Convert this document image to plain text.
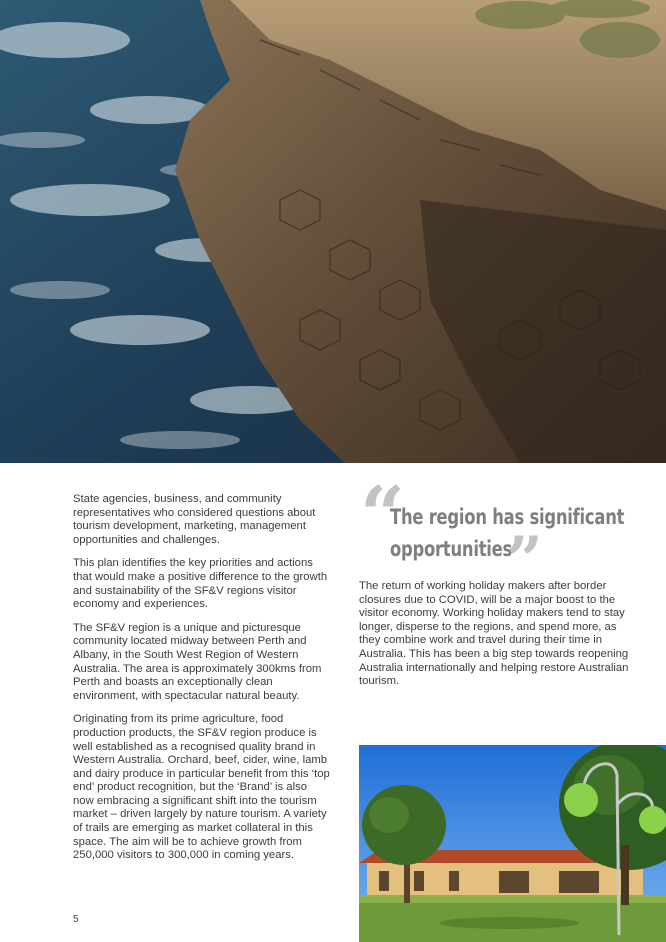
State agencies, business, and community representatives who considered questions about tourism development, marketing, management opportunities and challenges.

This plan identifies the key priorities and actions that would make a positive difference to the growth and sustainability of the SF&V regions visitor economy and experiences.

The SF&V region is a unique and picturesque community located midway between Perth and Albany, in the South West Region of Western Australia. The area is approximately 300kms from Perth and boasts an exceptionally clean environment, with spectacular natural beauty.

Originating from its prime agriculture, food production products, the SF&V region produce is well established as a recognised quality brand in Western Australia. Orchard, beef, cider, wine, lamb and dairy produce in particular benefit from this ‘top end’ product recognition, but the ‘Brand’ is also now embracing a significant shift into the tourism market – driven largely by nature tourism. A variety of trails are emerging as market collateral in this space. The aim will be to achieve growth from 250,000 visitors to 300,000 in coming years.

“
The region has significant
opportunities
”

The return of working holiday makers after border closures due to COVID, will be a major boost to the visitor economy. Working holiday makers tend to stay longer, disperse to the regions, and spend more, as they combine work and travel during their time in Australia. This has been a big step towards reopening Australia internationally and helping restore Australian tourism.

5
